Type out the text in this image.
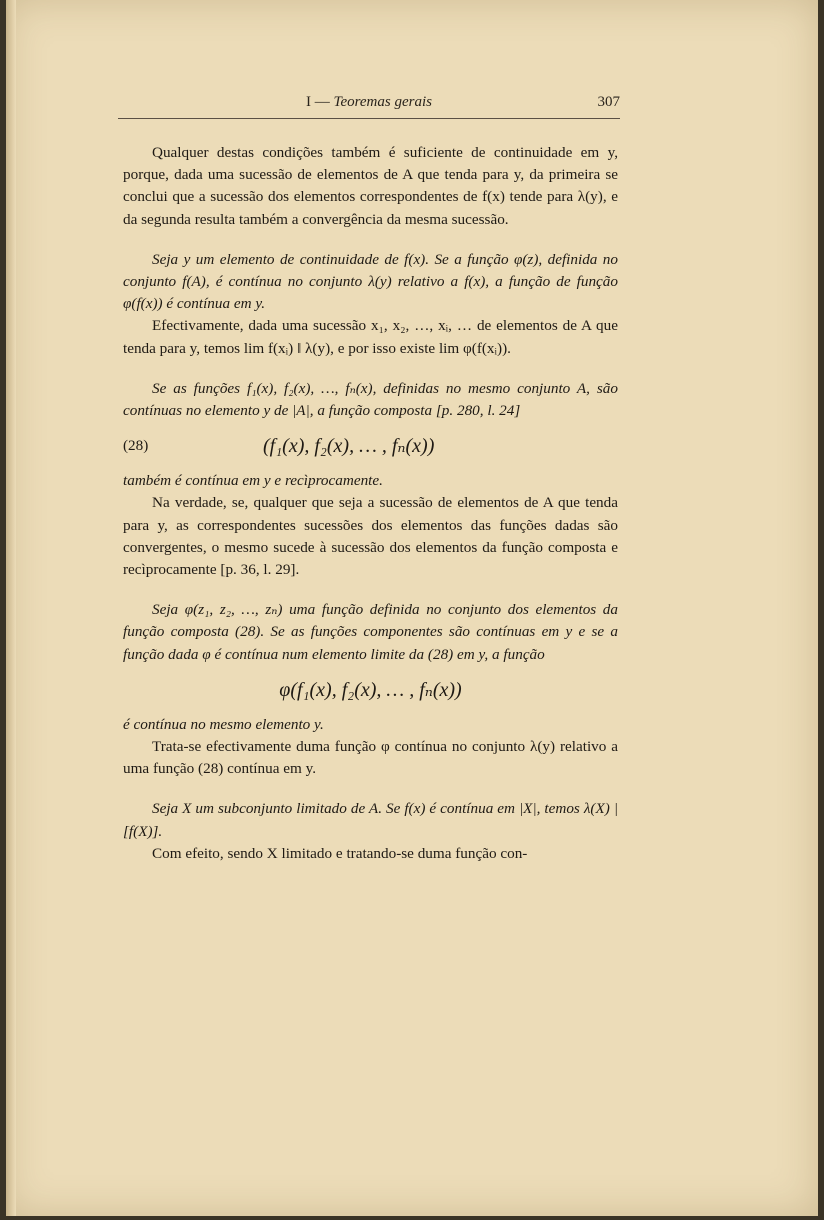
I — Teoremas gerais	307

Qualquer destas condições também é suficiente de continuidade em y, porque, dada uma sucessão de elementos de A que tenda para y, da primeira se conclui que a sucessão dos elementos correspondentes de f(x) tende para λ(y), e da segunda resulta também a convergência da mesma sucessão.

Seja y um elemento de continuidade de f(x). Se a função φ(z), definida no conjunto f(A), é contínua no conjunto λ(y) relativo a f(x), a função de função φ(f(x)) é contínua em y.

Efectivamente, dada uma sucessão x₁, x₂, …, xᵢ, … de elementos de A que tenda para y, temos lim f(xᵢ) ‖ λ(y), e por isso existe lim φ(f(xᵢ)).

Se as funções f₁(x), f₂(x), …, fₙ(x), definidas no mesmo conjunto A, são contínuas no elemento y de |A|, a função composta [p. 280, l. 24]

(28)	(f₁(x), f₂(x), … , fₙ(x))

também é contínua em y e recìprocamente.

Na verdade, se, qualquer que seja a sucessão de elementos de A que tenda para y, as correspondentes sucessões dos elementos das funções dadas são convergentes, o mesmo sucede à sucessão dos elementos da função composta e recìprocamente [p. 36, l. 29].

Seja φ(z₁, z₂, …, zₙ) uma função definida no conjunto dos elementos da função composta (28). Se as funções componentes são contínuas em y e se a função dada φ é contínua num elemento limite da (28) em y, a função

φ(f₁(x), f₂(x), … , fₙ(x))

é contínua no mesmo elemento y.

Trata-se efectivamente duma função φ contínua no conjunto λ(y) relativo a uma função (28) contínua em y.

Seja X um subconjunto limitado de A. Se f(x) é contínua em |X|, temos λ(X) | [f(X)].

Com efeito, sendo X limitado e tratando-se duma função con-
